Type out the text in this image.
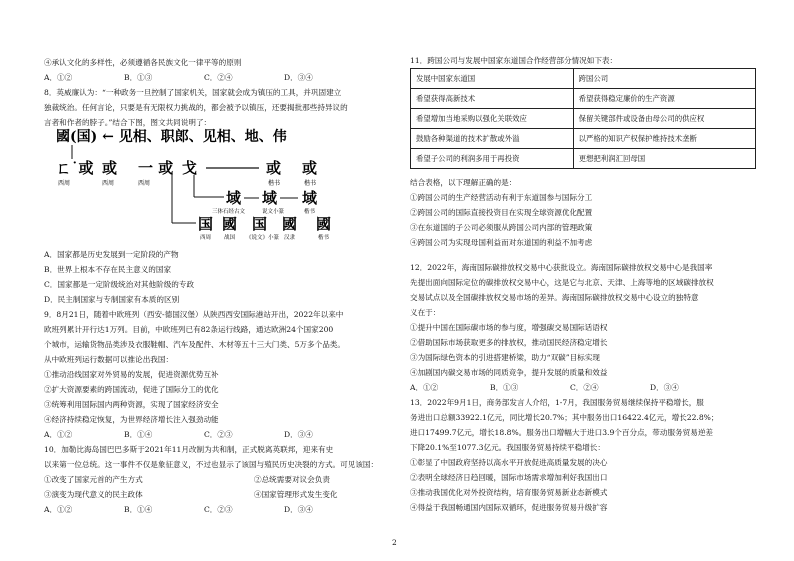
④承认文化的多样性，必须遵循各民族文化一律平等的原则
A．①②	B．①③	C．②④	D．③④
8．英威廉认为：“一种政务一旦控制了国家机关，国家就会成为镇压的工具，并巩固建立
独裁统治。任何言论，只要是有无限权力挑战的，都会被予以镇压，还要揭批那些持异议的
言者和作者的脖子。”结合下图，图文共同说明了：
國(国) ← 见相、职郎、见相、地、伟
ㄈ˙或 或 一 或 戈	或 或
西周	西周	西周	楷书	楷书
域 域 域
三体石经古文	说文小篆	楷书
国 國 国 國 國
西周 战国 《说文》小篆 汉隶	楷书
A．国家都是历史发展到一定阶段的产物
B．世界上根本不存在民主意义的国家
C．国家都是一定阶级统治对其他阶级的专政
D．民主制国家与专制国家有本质的区别
9．8月21日，随着中欧班列（西安-德国汉堡）从陕西西安国际港站开出，2022年以来中
欧班列累计开行达1万列。目前，中欧班列已有82条运行线路，通达欧洲24个国家200
个城市，运输货物品类涉及衣服鞋帽、汽车及配件、木材等五十三大门类、5万多个品类。
从中欧班列运行数据可以推论出我国：
①推动沿线国家对外贸易的发展，促进资源优势互补
②扩大资源要素的跨国流动，促进了国际分工的优化
③统筹利用国际国内两种资源，实现了国家经济安全
④经济持续稳定恢复，为世界经济增长注入强劲动能
A．①②	B．①④	C．②③	D．③④
10．加勒比海岛国巴巴多斯于2021年11月改制为共和制，正式脱离英联邦，迎来有史
以来第一位总统。这一事件不仅是象征意义，不过也显示了该国与殖民历史决裂的方式。可见该国：
①改变了国家元首的产生方式	②总统需要对议会负责
③演变为现代意义的民主政体	④国家管理形式发生变化
A．①②	B．①④	C．②③	D．③④
11．跨国公司与发展中国家东道国合作经营部分情况如下表：
发展中国家东道国	跨国公司
希望获得高新技术	希望获得稳定廉价的生产资源
希望增加当地采购以强化关联效应	保留关键部件或设备由母公司的供应权
鼓励各种渠道的技术扩散或外溢	以严格的知识产权保护维持技术垄断
希望子公司的利润多用于再投资	更想把利润汇回母国
结合表格，以下理解正确的是：
①跨国公司的生产经营活动有利于东道国参与国际分工
②跨国公司的国际直接投资目在实现全球资源优化配置
③在东道国的子公司必须服从跨国公司内部的管理政策
④跨国公司为实现母国利益而对东道国的利益不加考虑
12．2022年，海南国际碳排放权交易中心获批设立。海南国际碳排放权交易中心是我国率
先提出面向国际定位的碳排放权交易中心，这是它与北京、天津、上海等地的区域碳排放权
交易试点以及全国碳排放权交易市场的差异。海南国际碳排放权交易中心设立的独特意
义在于：
①提升中国在国际碳市场的参与度，增强碳交易国际话语权
②借助国际市场获取更多的排放权，推动国民经济稳定增长
③为国际绿色资本的引进搭建桥梁，助力“双碳”目标实现
④加剧国内碳交易市场的同质竞争，提升发展的质量和效益
A．①②	B．①③	C．②④	D．③④
13．2022年9月1日，商务部发言人介绍，1-7月，我国服务贸易继续保持平稳增长，服
务进出口总额33922.1亿元，同比增长20.7%；其中服务出口16422.4亿元，增长22.8%；
进口17499.7亿元，增长18.8%。服务出口增幅大于进口3.9个百分点，带动服务贸易逆差
下降20.1%至1077.3亿元。我国服务贸易持续平稳增长：
①彰显了中国政府坚持以高水平开放促进高质量发展的决心
②表明全球经济日趋回暖，国际市场需求增加利好我国出口
③推动我国优化对外投资结构，培育服务贸易新业态新模式
④得益于我国畅通国内国际双循环，促进服务贸易升级扩容
2
